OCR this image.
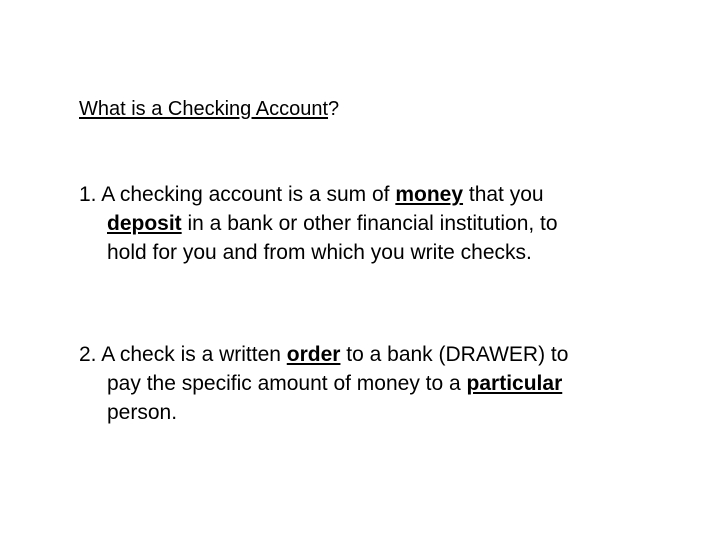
What is a Checking Account?
1. A checking account is a sum of money that you
deposit in a bank or other financial institution, to
hold for you and from which you write checks.
2. A check is a written order to a bank (DRAWER) to
pay the specific amount of money to a particular
person.
